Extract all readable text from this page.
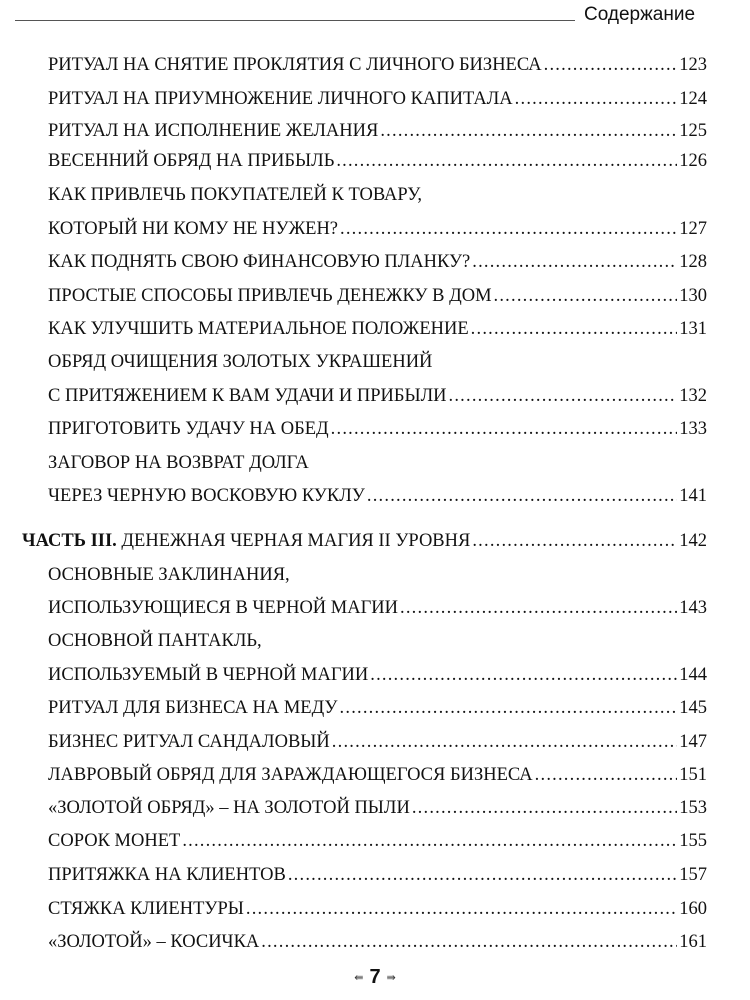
Содержание
РИТУАЛ НА СНЯТИЕ ПРОКЛЯТИЯ С ЛИЧНОГО БИЗНЕСА .....	123
РИТУАЛ НА ПРИУМНОЖЕНИЕ ЛИЧНОГО КАПИТАЛА .....	124
РИТУАЛ НА ИСПОЛНЕНИЕ ЖЕЛАНИЯ .....	125
ВЕСЕННИЙ ОБРЯД НА ПРИБЫЛЬ .....	126
КАК ПРИВЛЕЧЬ ПОКУПАТЕЛЕЙ К ТОВАРУ,
КОТОРЫЙ НИ КОМУ НЕ НУЖЕН? .....	127
КАК ПОДНЯТЬ СВОЮ ФИНАНСОВУЮ ПЛАНКУ? .....	128
ПРОСТЫЕ СПОСОБЫ ПРИВЛЕЧЬ ДЕНЕЖКУ В ДОМ .....	130
КАК УЛУЧШИТЬ МАТЕРИАЛЬНОЕ ПОЛОЖЕНИЕ .....	131
ОБРЯД ОЧИЩЕНИЯ ЗОЛОТЫХ УКРАШЕНИЙ
С ПРИТЯЖЕНИЕМ К ВАМ УДАЧИ И ПРИБЫЛИ .....	132
ПРИГОТОВИТЬ УДАЧУ НА ОБЕД .....	133
ЗАГОВОР НА ВОЗВРАТ ДОЛГА
ЧЕРЕЗ ЧЕРНУЮ ВОСКОВУЮ КУКЛУ .....	141
ЧАСТЬ III. ДЕНЕЖНАЯ ЧЕРНАЯ МАГИЯ II УРОВНЯ .....	142
ОСНОВНЫЕ ЗАКЛИНАНИЯ,
ИСПОЛЬЗУЮЩИЕСЯ В ЧЕРНОЙ МАГИИ .....	143
ОСНОВНОЙ ПАНТАКЛЬ,
ИСПОЛЬЗУЕМЫЙ В ЧЕРНОЙ МАГИИ .....	144
РИТУАЛ ДЛЯ БИЗНЕСА НА МЕДУ .....	145
БИЗНЕС РИТУАЛ САНДАЛОВЫЙ .....	147
ЛАВРОВЫЙ ОБРЯД ДЛЯ ЗАРАЖДАЮЩЕГОСЯ БИЗНЕСА .....	151
«ЗОЛОТОЙ ОБРЯД» – НА ЗОЛОТОЙ ПЫЛИ .....	153
СОРОК МОНЕТ .....	155
ПРИТЯЖКА НА КЛИЕНТОВ .....	157
СТЯЖКА КЛИЕНТУРЫ .....	160
«ЗОЛОТОЙ» – КОСИЧКА .....	161
⇚ 7 ⇛
